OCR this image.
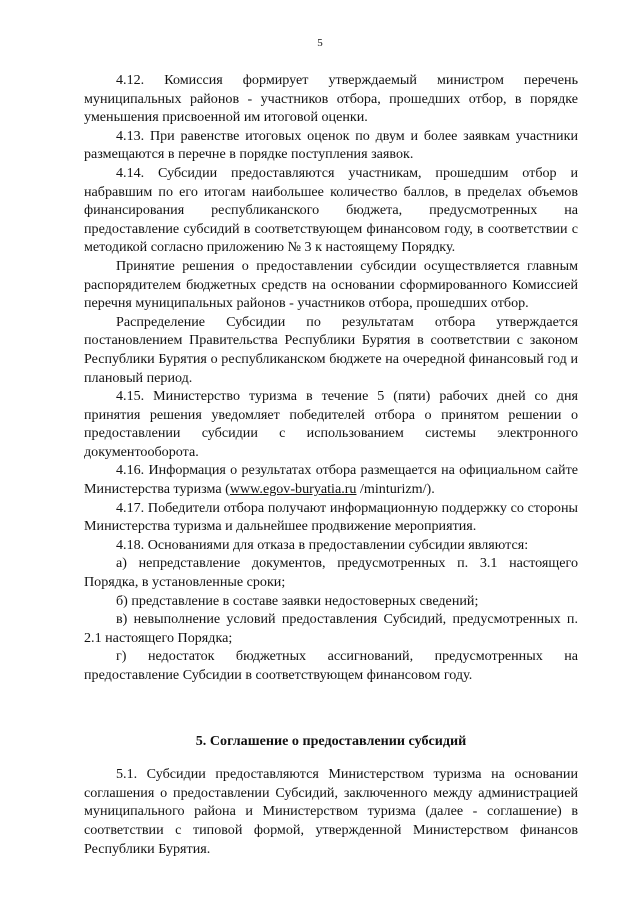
5

4.12. Комиссия формирует утверждаемый министром перечень муниципальных районов - участников отбора, прошедших отбор, в порядке уменьшения присвоенной им итоговой оценки.

4.13. При равенстве итоговых оценок по двум и более заявкам участники размещаются в перечне в порядке поступления заявок.

4.14. Субсидии предоставляются участникам, прошедшим отбор и набравшим по его итогам наибольшее количество баллов, в пределах объемов финансирования республиканского бюджета, предусмотренных на предоставление субсидий в соответствующем финансовом году, в соответствии с методикой согласно приложению № 3 к настоящему Порядку.

Принятие решения о предоставлении субсидии осуществляется главным распорядителем бюджетных средств на основании сформированного Комиссией перечня муниципальных районов - участников отбора, прошедших отбор.

Распределение Субсидии по результатам отбора утверждается постановлением Правительства Республики Бурятия в соответствии с законом Республики Бурятия о республиканском бюджете на очередной финансовый год и плановый период.

4.15. Министерство туризма в течение 5 (пяти) рабочих дней со дня принятия решения уведомляет победителей отбора о принятом решении о предоставлении субсидии с использованием системы электронного документооборота.

4.16. Информация о результатах отбора размещается на официальном сайте Министерства туризма (www.egov-buryatia.ru /minturizm/).

4.17. Победители отбора получают информационную поддержку со стороны Министерства туризма и дальнейшее продвижение мероприятия.

4.18. Основаниями для отказа в предоставлении субсидии являются:

а) непредставление документов, предусмотренных п. 3.1 настоящего Порядка, в установленные сроки;

б) представление в составе заявки недостоверных сведений;

в) невыполнение условий предоставления Субсидий, предусмотренных п. 2.1 настоящего Порядка;

г) недостаток бюджетных ассигнований, предусмотренных на предоставление Субсидии в соответствующем финансовом году.

5. Соглашение о предоставлении субсидий

5.1. Субсидии предоставляются Министерством туризма на основании соглашения о предоставлении Субсидий, заключенного между администрацией муниципального района и Министерством туризма (далее - соглашение) в соответствии с типовой формой, утвержденной Министерством финансов Республики Бурятия.
